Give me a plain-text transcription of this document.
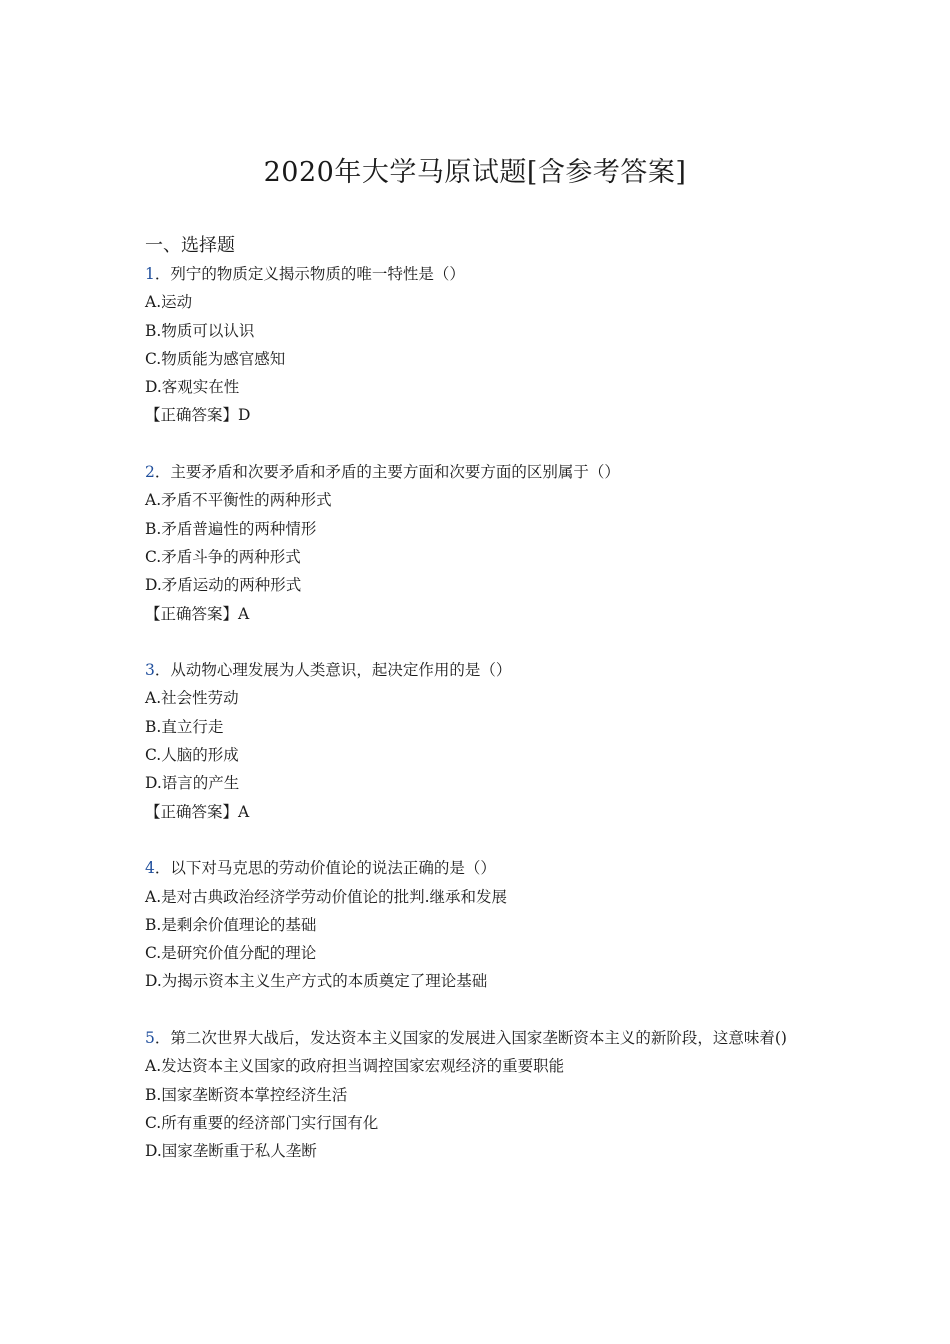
2020年大学马原试题[含参考答案]
一、选择题
1．列宁的物质定义揭示物质的唯一特性是（）
A.运动
B.物质可以认识
C.物质能为感官感知
D.客观实在性
【正确答案】D
2．主要矛盾和次要矛盾和矛盾的主要方面和次要方面的区别属于（）
A.矛盾不平衡性的两种形式
B.矛盾普遍性的两种情形
C.矛盾斗争的两种形式
D.矛盾运动的两种形式
【正确答案】A
3．从动物心理发展为人类意识，起决定作用的是（）
A.社会性劳动
B.直立行走
C.人脑的形成
D.语言的产生
【正确答案】A
4．以下对马克思的劳动价值论的说法正确的是（）
A.是对古典政治经济学劳动价值论的批判.继承和发展
B.是剩余价值理论的基础
C.是研究价值分配的理论
D.为揭示资本主义生产方式的本质奠定了理论基础
5．第二次世界大战后，发达资本主义国家的发展进入国家垄断资本主义的新阶段，这意味着()
A.发达资本主义国家的政府担当调控国家宏观经济的重要职能
B.国家垄断资本掌控经济生活
C.所有重要的经济部门实行国有化
D.国家垄断重于私人垄断
